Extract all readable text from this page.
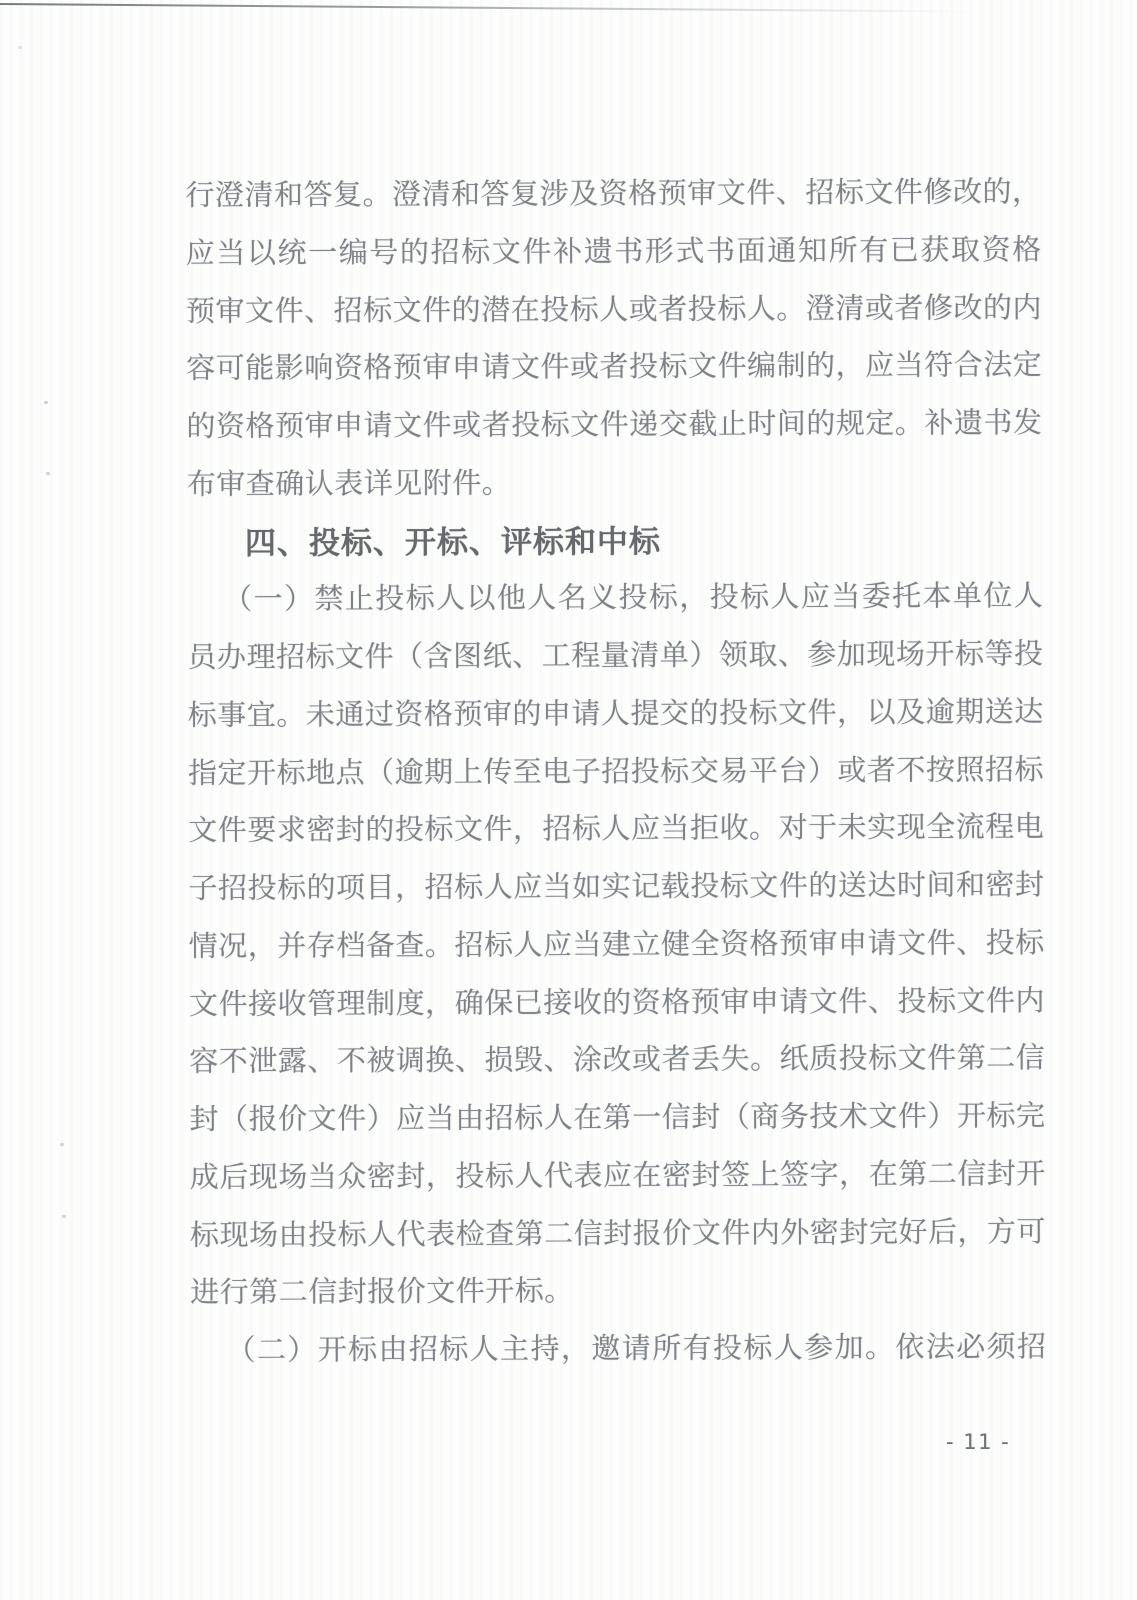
行澄清和答复。澄清和答复涉及资格预审文件、招标文件修改的，
应当以统一编号的招标文件补遗书形式书面通知所有已获取资格
预审文件、招标文件的潜在投标人或者投标人。澄清或者修改的内
容可能影响资格预审申请文件或者投标文件编制的，应当符合法定
的资格预审申请文件或者投标文件递交截止时间的规定。补遗书发
布审查确认表详见附件。
四、投标、开标、评标和中标
（一）禁止投标人以他人名义投标，投标人应当委托本单位人
员办理招标文件（含图纸、工程量清单）领取、参加现场开标等投
标事宜。未通过资格预审的申请人提交的投标文件，以及逾期送达
指定开标地点（逾期上传至电子招投标交易平台）或者不按照招标
文件要求密封的投标文件，招标人应当拒收。对于未实现全流程电
子招投标的项目，招标人应当如实记载投标文件的送达时间和密封
情况，并存档备查。招标人应当建立健全资格预审申请文件、投标
文件接收管理制度，确保已接收的资格预审申请文件、投标文件内
容不泄露、不被调换、损毁、涂改或者丢失。纸质投标文件第二信
封（报价文件）应当由招标人在第一信封（商务技术文件）开标完
成后现场当众密封，投标人代表应在密封签上签字，在第二信封开
标现场由投标人代表检查第二信封报价文件内外密封完好后，方可
进行第二信封报价文件开标。
（二）开标由招标人主持，邀请所有投标人参加。依法必须招
- 11 -
